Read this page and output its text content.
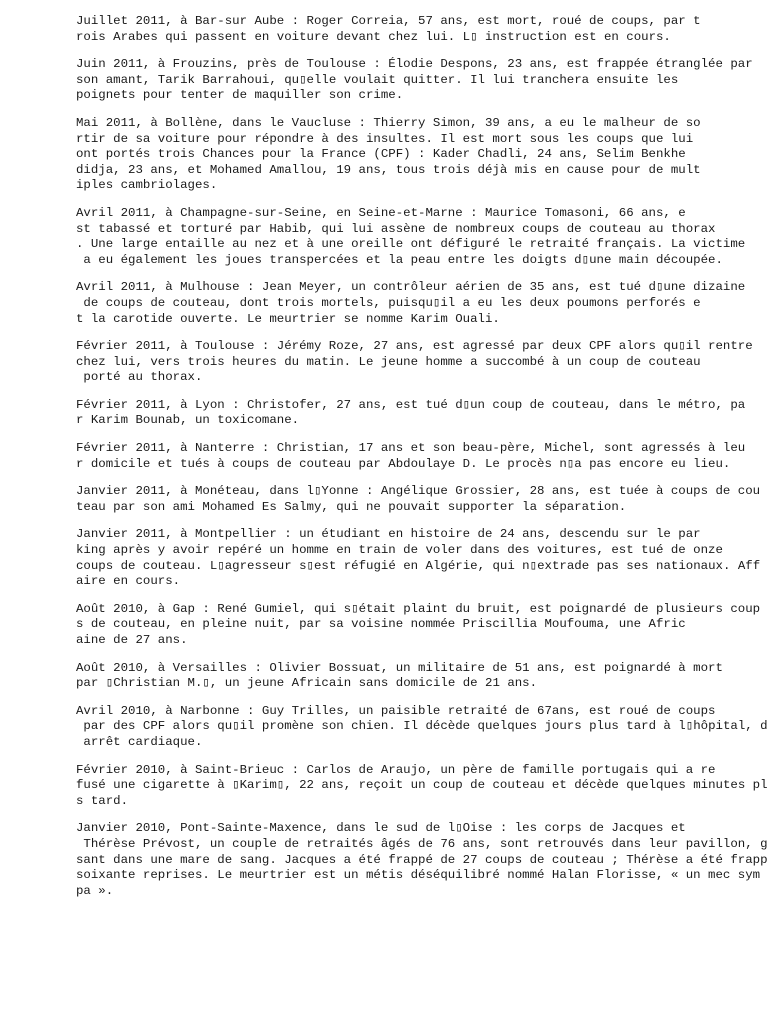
Juillet 2011, à Bar-sur Aube : Roger Correia, 57 ans, est mort, roué de coups, par t
rois Arabes qui passent en voiture devant chez lui. L▯ instruction est en cours.
Juin 2011, à Frouzins, près de Toulouse : Élodie Despons, 23 ans, est frappée étranglée par
son amant, Tarik Barrahoui, qu▯elle voulait quitter. Il lui tranchera ensuite les
poignets pour tenter de maquiller son crime.
Mai 2011, à Bollène, dans le Vaucluse : Thierry Simon, 39 ans, a eu le malheur de so
rtir de sa voiture pour répondre à des insultes. Il est mort sous les coups que lui
ont portés trois Chances pour la France (CPF) : Kader Chadli, 24 ans, Selim Benkhe
didja, 23 ans, et Mohamed Amallou, 19 ans, tous trois déjà mis en cause pour de mult
iples cambriolages.
Avril 2011, à Champagne-sur-Seine, en Seine-et-Marne : Maurice Tomasoni, 66 ans, e
st tabassé et torturé par Habib, qui lui assène de nombreux coups de couteau au thorax
. Une large entaille au nez et à une oreille ont défiguré le retraité français. La victime
a eu également les joues transpercées et la peau entre les doigts d▯une main découpée.
Avril 2011, à Mulhouse : Jean Meyer, un contrôleur aérien de 35 ans, est tué d▯une dizaine
de coups de couteau, dont trois mortels, puisqu▯il a eu les deux poumons perforés e
t la carotide ouverte. Le meurtrier se nomme Karim Ouali.
Février 2011, à Toulouse : Jérémy Roze, 27 ans, est agressé par deux CPF alors qu▯il rentre
chez lui, vers trois heures du matin. Le jeune homme a succombé à un coup de couteau
porté au thorax.
Février 2011, à Lyon : Christofer, 27 ans, est tué d▯un coup de couteau, dans le métro, pa
r Karim Bounab, un toxicomane.
Février 2011, à Nanterre : Christian, 17 ans et son beau-père, Michel, sont agressés à leu
r domicile et tués à coups de couteau par Abdoulaye D. Le procès n▯a pas encore eu lieu.
Janvier 2011, à Monéteau, dans l▯Yonne : Angélique Grossier, 28 ans, est tuée à coups de cou
teau par son ami Mohamed Es Salmy, qui ne pouvait supporter la séparation.
Janvier 2011, à Montpellier : un étudiant en histoire de 24 ans, descendu sur le par
king après y avoir repéré un homme en train de voler dans des voitures, est tué de onze
coups de couteau. L▯agresseur s▯est réfugié en Algérie, qui n▯extrade pas ses nationaux. Aff
aire en cours.
Août 2010, à Gap : René Gumiel, qui s▯était plaint du bruit, est poignardé de plusieurs coup
s de couteau, en pleine nuit, par sa voisine nommée Priscillia Moufouma, une Afric
aine de 27 ans.
Août 2010, à Versailles : Olivier Bossuat, un militaire de 51 ans, est poignardé à mort
par ▯Christian M.▯, un jeune Africain sans domicile de 21 ans.
Avril 2010, à Narbonne : Guy Trilles, un paisible retraité de 67ans, est roué de coups
par des CPF alors qu▯il promène son chien. Il décède quelques jours plus tard à l▯hôpital, d
arrêt cardiaque.
Février 2010, à Saint-Brieuc : Carlos de Araujo, un père de famille portugais qui a re
fusé une cigarette à ▯Karim▯, 22 ans, reçoit un coup de couteau et décède quelques minutes pl
s tard.
Janvier 2010, Pont-Sainte-Maxence, dans le sud de l▯Oise : les corps de Jacques et
Thérèse Prévost, un couple de retraités âgés de 76 ans, sont retrouvés dans leur pavillon, g
sant dans une mare de sang. Jacques a été frappé de 27 coups de couteau ; Thérèse a été frapp
soixante reprises. Le meurtrier est un métis déséquilibré nommé Halan Florisse, « un mec sym
pa ».
